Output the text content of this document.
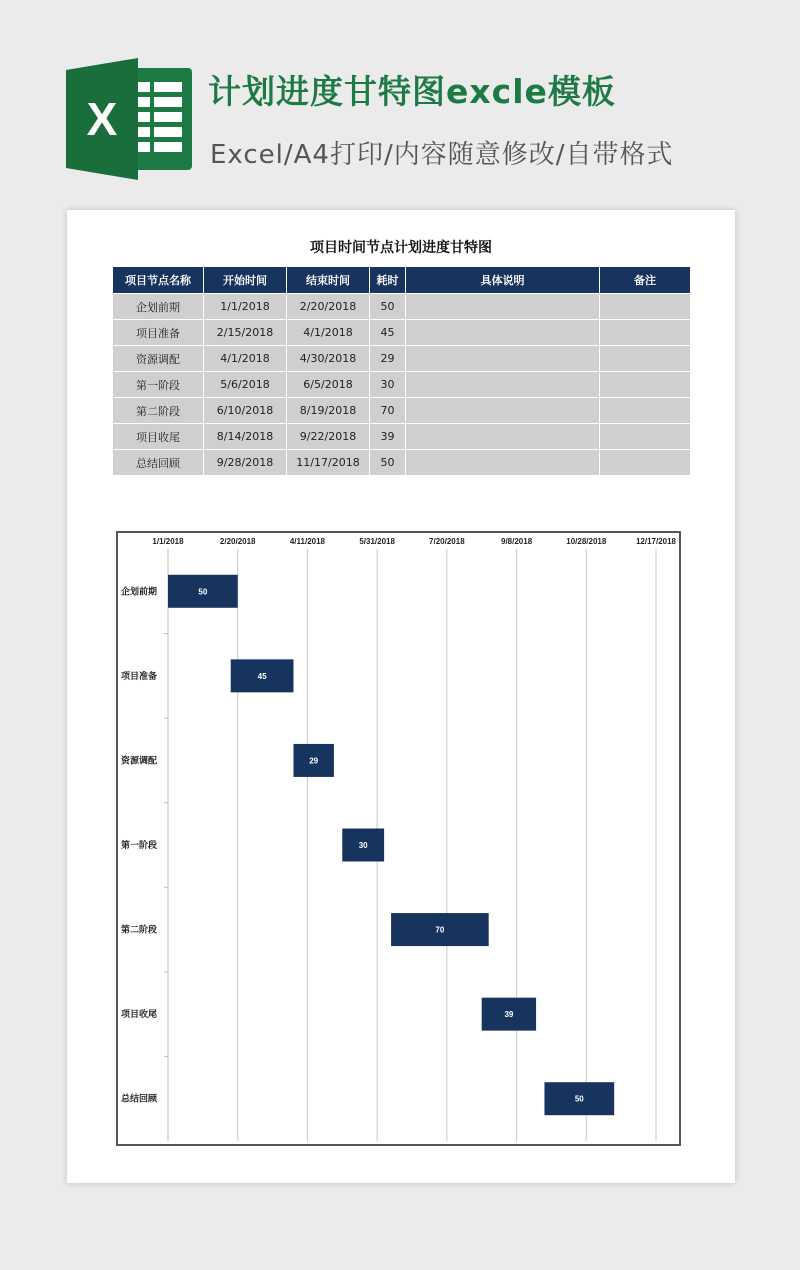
X
计划进度甘特图excle模板
Excel/A4打印/内容随意修改/自带格式
项目时间节点计划进度甘特图
项目节点名称	开始时间	结束时间	耗时	具体说明	备注
企划前期	1/1/2018	2/20/2018	50		
项目准备	2/15/2018	4/1/2018	45		
资源调配	4/1/2018	4/30/2018	29		
第一阶段	5/6/2018	6/5/2018	30		
第二阶段	6/10/2018	8/19/2018	70		
项目收尾	8/14/2018	9/22/2018	39		
总结回顾	9/28/2018	11/17/2018	50		
1/1/2018	2/20/2018	4/11/2018	5/31/2018	7/20/2018	9/8/2018	10/28/2018	12/17/2018
企划前期	50
项目准备	45
资源调配	29
第一阶段	30
第二阶段	70
项目收尾	39
总结回顾	50
